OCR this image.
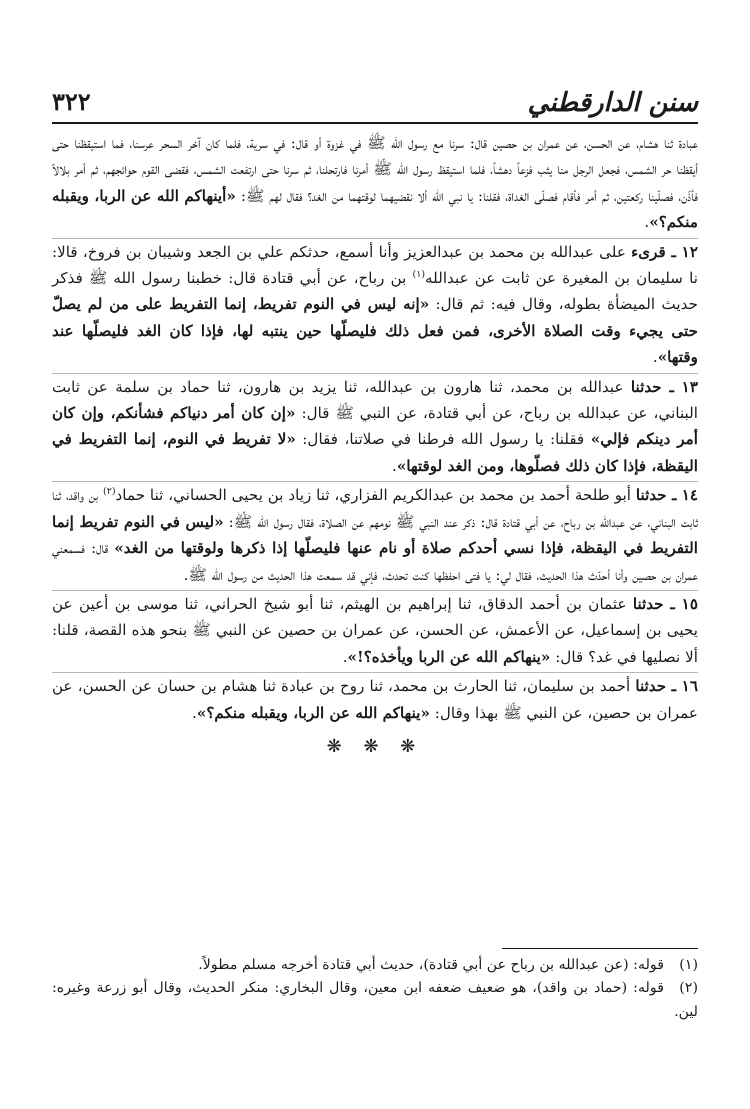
سنن الدارقطني
٣٢٢

عبادة ثنا هشام، عن الحسن، عن عمران بن حصين قال: سرنا مع رسول الله ﷺ في غزوة أو قال: في سرية، فلما كان آخر السحر عرسنا، فما استيقظنا حتى أيقظنا حر الشمس، فجعل الرجل منا يثب فزعاً دهشاً، فلما استيقظ رسول الله ﷺ أمرنا فارتحلنا، ثم سرنا حتى ارتفعت الشمس، فقضى القوم حوائجهم، ثم أمر بلالاً فأذّن، فصلّينا ركعتين، ثم أمر فأقام فصلّى الغداة، فقلنا: يا نبي الله ألا نقضيهما لوقتهما من الغد؟ فقال لهم ﷺ: «أينهاكم الله عن الربا، ويقبله منكم؟».

١٢ ـ قرىء على عبدالله بن محمد بن عبدالعزيز وأنا أسمع، حدثكم علي بن الجعد وشيبان بن فروخ، قالا: نا سليمان بن المغيرة عن ثابت عن عبدالله$^{(١)}$ بن رباح، عن أبي قتادة قال: خطبنا رسول الله ﷺ فذكر حديث الميضأة بطوله، وقال فيه: ثم قال: «إنه ليس في النوم تفريط، إنما التفريط على من لم يصلّ حتى يجيء وقت الصلاة الأخرى، فمن فعل ذلك فليصلّها حين ينتبه لها، فإذا كان الغد فليصلّها عند وقتها».

١٣ ـ حدثنا عبدالله بن محمد، ثنا هارون بن عبدالله، ثنا يزيد بن هارون، ثنا حماد بن سلمة عن ثابت البناني، عن عبدالله بن رباح، عن أبي قتادة، عن النبي ﷺ قال: «إن كان أمر دنياكم فشأنكم، وإن كان أمر دينكم فإلي» فقلنا: يا رسول الله فرطنا في صلاتنا، فقال: «لا تفريط في النوم، إنما التفريط في اليقظة، فإذا كان ذلك فصلّوها، ومن الغد لوقتها».

١٤ ـ حدثنا أبو طلحة أحمد بن محمد بن عبدالكريم الفزاري، ثنا زياد بن يحيى الحساني، ثنا حماد$^{(٢)}$ بن واقد، ثنا ثابت البناني، عن عبدالله بن رباح، عن أبي قتادة قال: ذكر عند النبي ﷺ نومهم عن الصلاة، فقال رسول الله ﷺ: «ليس في النوم تفريط إنما التفريط في اليقظة، فإذا نسي أحدكم صلاة أو نام عنها فليصلّها إذا ذكرها ولوقتها من الغد» قال: فسمعني عمران بن حصين وأنا أحدّث هذا الحديث، فقال لي: يا فتى احفظها كنت تحدث، فإني قد سمعت هذا الحديث من رسول الله ﷺ.

١٥ ـ حدثنا عثمان بن أحمد الدقاق، ثنا إبراهيم بن الهيثم، ثنا أبو شيخ الحراني، ثنا موسى بن أعين عن يحيى بن إسماعيل، عن الأعمش، عن الحسن، عن عمران بن حصين عن النبي ﷺ بنحو هذه القصة، قلنا: ألا نصليها في غد؟ قال: «ينهاكم الله عن الربا ويأخذه؟!».

١٦ ـ حدثنا أحمد بن سليمان، ثنا الحارث بن محمد، ثنا روح بن عبادة ثنا هشام بن حسان عن الحسن، عن عمران بن حصين، عن النبي ﷺ بهذا وقال: «ينهاكم الله عن الربا، ويقبله منكم؟».

❋ ❋ ❋

(١)قوله: (عن عبدالله بن رباح عن أبي قتادة)، حديث أبي قتادة أخرجه مسلم مطولاً.

(٢)قوله: (حماد بن واقد)، هو ضعيف ضعفه ابن معين، وقال البخاري: منكر الحديث، وقال أبو زرعة وغيره: لين.
